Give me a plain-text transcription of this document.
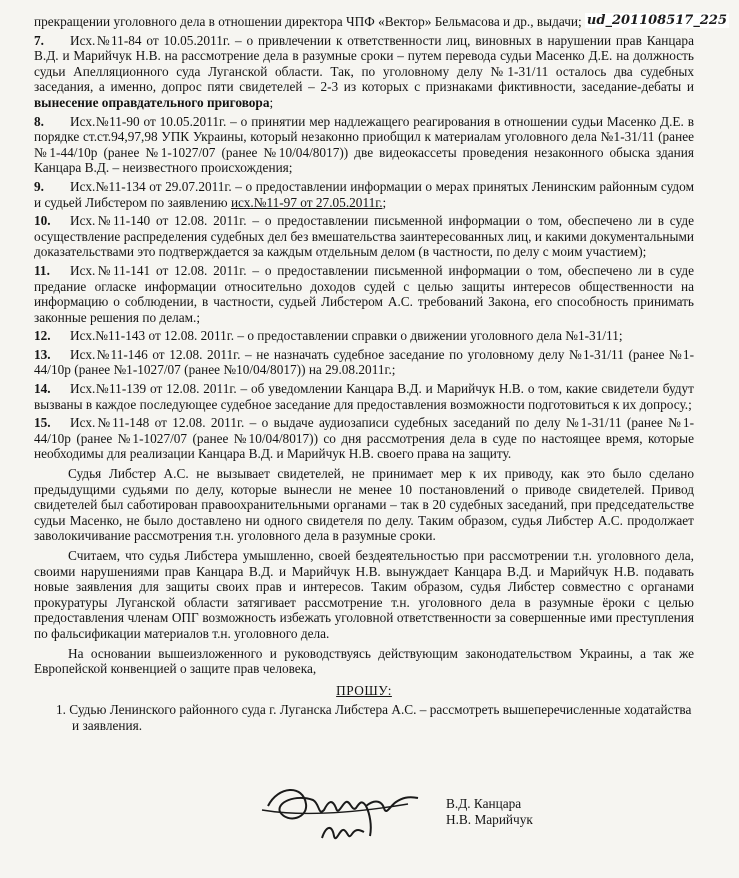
ud_201108517_225
прекращении уголовного дела в отношении директора ЧПФ «Вектор» Бельмасова и др., выдачи;
7. Исх.№11-84 от 10.05.2011г. – о привлечении к ответственности лиц, виновных в нарушении прав Канцара В.Д. и Марийчук Н.В. на рассмотрение дела в разумные сроки – путем перевода судьи Масенко Д.Е. на должность судьи Апелляционного суда Луганской области. Так, по уголовному делу №1-31/11 осталось два судебных заседания, а именно, допрос пяти свидетелей – 2-3 из которых с признаками фиктивности, заседание-дебаты и вынесение оправдательного приговора;
8. Исх.№11-90 от 10.05.2011г. – о принятии мер надлежащего реагирования в отношении судьи Масенко Д.Е. в порядке ст.ст.94,97,98 УПК Украины, который незаконно приобщил к материалам уголовного дела №1-31/11 (ранее №1-44/10р (ранее №1-1027/07 (ранее №10/04/8017)) две видеокассеты проведения незаконного обыска здания Канцара В.Д. – неизвестного происхождения;
9. Исх.№11-134 от 29.07.2011г. – о предоставлении информации о мерах принятых Ленинским районным судом и судьей Либстером по заявлению исх.№11-97 от 27.05.2011г.;
10. Исх.№11-140 от 12.08. 2011г. – о предоставлении письменной информации о том, обеспечено ли в суде осуществление распределения судебных дел без вмешательства заинтересованных лиц, и какими документальными доказательствами это подтверждается за каждым отдельным делом (в частности, по делу с моим участием);
11. Исх.№11-141 от 12.08. 2011г. – о предоставлении письменной информации о том, обеспечено ли в суде предание огласке информации относительно доходов судей с целью защиты интересов общественности на информацию о соблюдении, в частности, судьей Либстером А.С. требований Закона, его способность принимать законные решения по делам.;
12. Исх.№11-143 от 12.08. 2011г. – о предоставлении справки о движении уголовного дела №1-31/11;
13. Исх.№11-146 от 12.08. 2011г. – не назначать судебное заседание по уголовному делу №1-31/11 (ранее №1-44/10р (ранее №1-1027/07 (ранее №10/04/8017)) на 29.08.2011г.;
14. Исх.№11-139 от 12.08. 2011г. – об уведомлении Канцара В.Д. и Марийчук Н.В. о том, какие свидетели будут вызваны в каждое последующее судебное заседание для предоставления возможности подготовиться к их допросу.;
15. Исх.№11-148 от 12.08. 2011г. – о выдаче аудиозаписи судебных заседаний по делу №1-31/11 (ранее №1-44/10р (ранее №1-1027/07 (ранее №10/04/8017)) со дня рассмотрения дела в суде по настоящее время, которые необходимы для реализации Канцара В.Д. и Марийчук Н.В. своего права на защиту.
Судья Либстер А.С. не вызывает свидетелей, не принимает мер к их приводу, как это было сделано предыдущими судьями по делу, которые вынесли не менее 10 постановлений о приводе свидетелей. Привод свидетелей был саботирован правоохранительными органами – так в 20 судебных заседаний, при председательстве судьи Масенко, не было доставлено ни одного свидетеля по делу. Таким образом, судья Либстер А.С. продолжает заволокичивание рассмотрения т.н. уголовного дела в разумные сроки.
Считаем, что судья Либстера умышленно, своей бездеятельностью при рассмотрении т.н. уголовного дела, своими нарушениями прав Канцара В.Д. и Марийчук Н.В. вынуждает Канцара В.Д. и Марийчук Н.В. подавать новые заявления для защиты своих прав и интересов. Таким образом, судья Либстер совместно с органами прокуратуры Луганской области затягивает рассмотрение т.н. уголовного дела в разумные ёроки с целью предоставления членам ОПГ возможность избежать уголовной ответственности за совершенные ими преступления по фальсификации материалов т.н. уголовного дела.
На основании вышеизложенного и руководствуясь действующим законодательством Украины, а так же Европейской конвенцией о защите прав человека,
ПРОШУ:
1. Судью Ленинского районного суда г. Луганска Либстера А.С. – рассмотреть вышеперечисленные ходатайства и заявления.
В.Д. Канцара
Н.В. Марийчук
